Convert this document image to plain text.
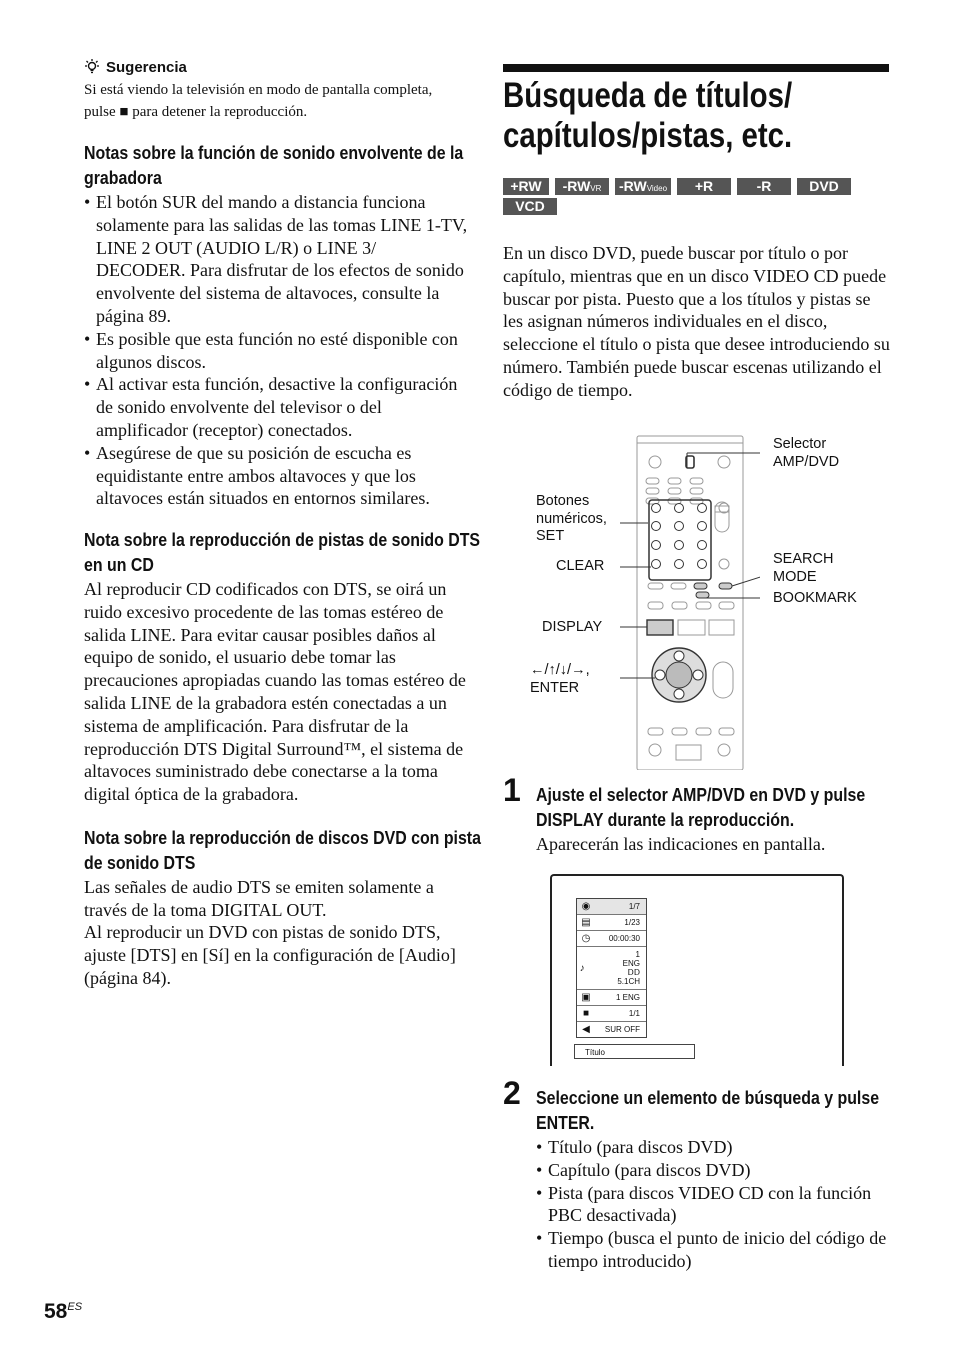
Sugerencia

Si está viendo la televisión en modo de pantalla completa, pulse ■ para detener la reproducción.

Notas sobre la función de sonido envolvente de la grabadora
• El botón SUR del mando a distancia funciona solamente para las salidas de las tomas LINE 1-TV, LINE 2 OUT (AUDIO L/R) o LINE 3/ DECODER. Para disfrutar de los efectos de sonido envolvente del sistema de altavoces, consulte la página 89.
• Es posible que esta función no esté disponible con algunos discos.
• Al activar esta función, desactive la configuración de sonido envolvente del televisor o del amplificador (receptor) conectados.
• Asegúrese de que su posición de escucha es equidistante entre ambos altavoces y que los altavoces están situados en entornos similares.
Nota sobre la reproducción de pistas de sonido DTS en un CD

Al reproducir CD codificados con DTS, se oirá un ruido excesivo procedente de las tomas estéreo de salida LINE. Para evitar causar posibles daños al equipo de sonido, el usuario debe tomar las precauciones apropiadas cuando las tomas estéreo de salida LINE de la grabadora estén conectadas a un sistema de amplificación. Para disfrutar de la reproducción DTS Digital Surround™, el sistema de altavoces suministrado debe conectarse a la toma digital óptica de la grabadora.

Nota sobre la reproducción de discos DVD con pista de sonido DTS

Las señales de audio DTS se emiten solamente a través de la toma DIGITAL OUT.

Al reproducir un DVD con pistas de sonido DTS, ajuste [DTS] en [Sí] en la configuración de [Audio] (página 84).

$58^{ES}$
Búsqueda de títulos/ capítulos/pistas, etc.
+RW -RWVR -RWVideo +R	-R	DVD
VCD

En un disco DVD, puede buscar por título o por capítulo, mientras que en un disco VIDEO CD puede buscar por pista. Puesto que a los títulos y pistas se les asignan números individuales en el disco, seleccione el título o pista que desee introduciendo su número. También puede buscar escenas utilizando el código de tiempo.

Selector AMP/DVD
Botones numéricos, SET
CLEAR	SEARCH MODE
BOOKMARK
DISPLAY
←/↑/↓/→, ENTER
1 Ajuste el selector AMP/DVD en DVD y pulse DISPLAY durante la reproducción.

Aparecerán las indicaciones en pantalla.

◉	1/7
▤	1/23
◷	00:00:30
♪
1 ENG ⅮⅮ 5.1CH
▣	1 ENG
■	1/1
◀	SUR OFF
Título
2 Seleccione un elemento de búsqueda y pulse ENTER.
• Título (para discos DVD)
• Capítulo (para discos DVD)
• Pista (para discos VIDEO CD con la función PBC desactivada)
• Tiempo (busca el punto de inicio del código de tiempo introducido)
